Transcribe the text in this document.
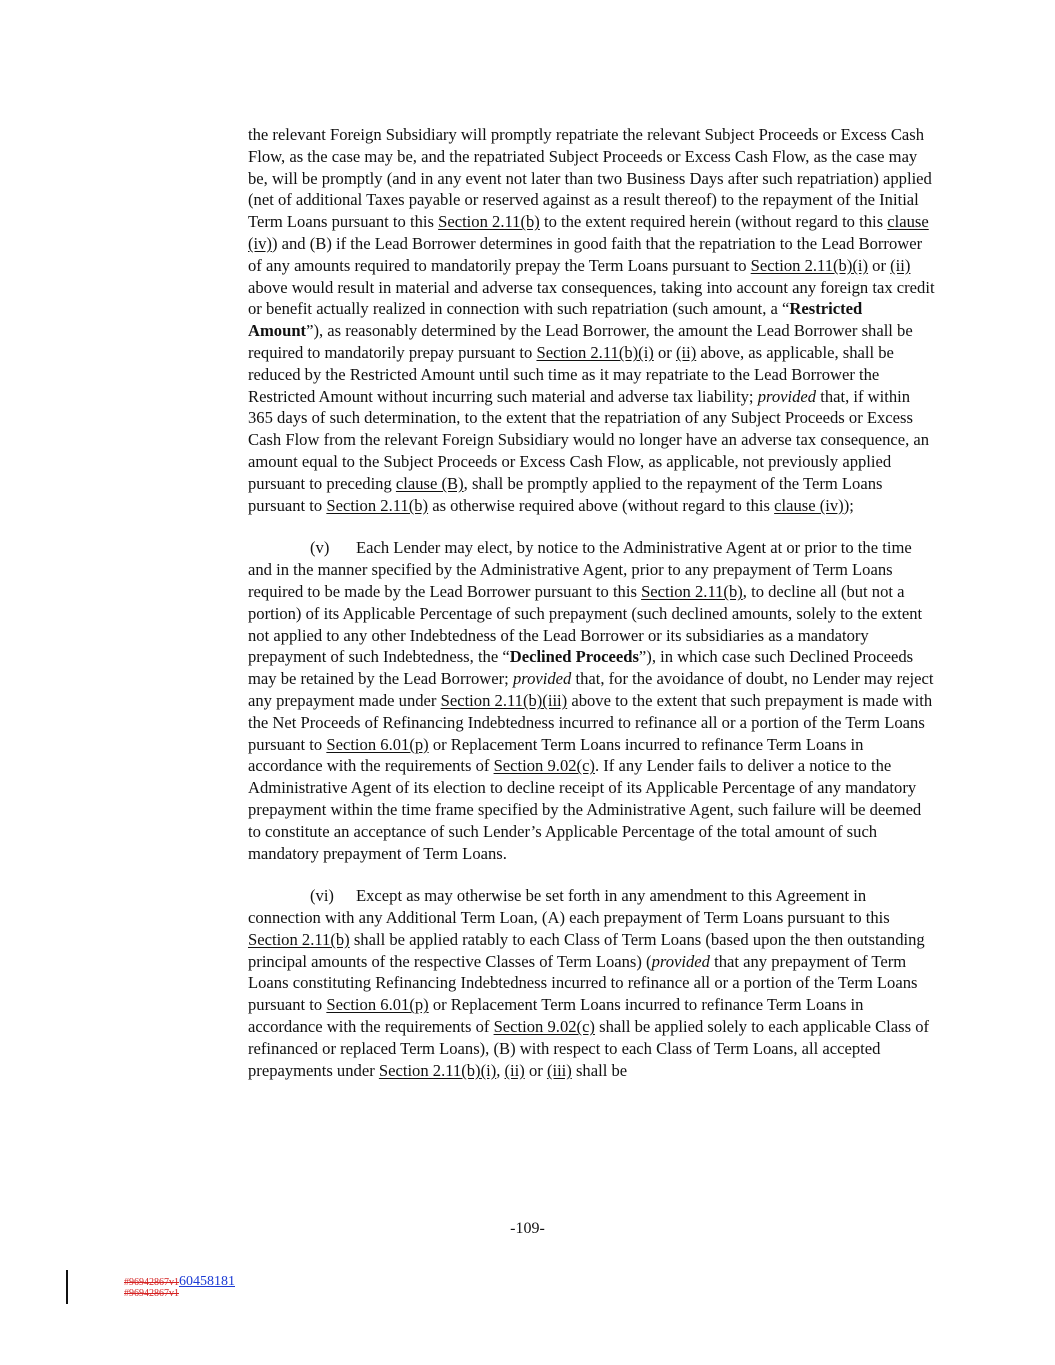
the relevant Foreign Subsidiary will promptly repatriate the relevant Subject Proceeds or Excess Cash Flow, as the case may be, and the repatriated Subject Proceeds or Excess Cash Flow, as the case may be, will be promptly (and in any event not later than two Business Days after such repatriation) applied (net of additional Taxes payable or reserved against as a result thereof) to the repayment of the Initial Term Loans pursuant to this Section 2.11(b) to the extent required herein (without regard to this clause (iv)) and (B) if the Lead Borrower determines in good faith that the repatriation to the Lead Borrower of any amounts required to mandatorily prepay the Term Loans pursuant to Section 2.11(b)(i) or (ii) above would result in material and adverse tax consequences, taking into account any foreign tax credit or benefit actually realized in connection with such repatriation (such amount, a “Restricted Amount”), as reasonably determined by the Lead Borrower, the amount the Lead Borrower shall be required to mandatorily prepay pursuant to Section 2.11(b)(i) or (ii) above, as applicable, shall be reduced by the Restricted Amount until such time as it may repatriate to the Lead Borrower the Restricted Amount without incurring such material and adverse tax liability; provided that, if within 365 days of such determination, to the extent that the repatriation of any Subject Proceeds or Excess Cash Flow from the relevant Foreign Subsidiary would no longer have an adverse tax consequence, an amount equal to the Subject Proceeds or Excess Cash Flow, as applicable, not previously applied pursuant to preceding clause (B), shall be promptly applied to the repayment of the Term Loans pursuant to Section 2.11(b) as otherwise required above (without regard to this clause (iv));

(v) Each Lender may elect, by notice to the Administrative Agent at or prior to the time and in the manner specified by the Administrative Agent, prior to any prepayment of Term Loans required to be made by the Lead Borrower pursuant to this Section 2.11(b), to decline all (but not a portion) of its Applicable Percentage of such prepayment (such declined amounts, solely to the extent not applied to any other Indebtedness of the Lead Borrower or its subsidiaries as a mandatory prepayment of such Indebtedness, the “Declined Proceeds”), in which case such Declined Proceeds may be retained by the Lead Borrower; provided that, for the avoidance of doubt, no Lender may reject any prepayment made under Section 2.11(b)(iii) above to the extent that such prepayment is made with the Net Proceeds of Refinancing Indebtedness incurred to refinance all or a portion of the Term Loans pursuant to Section 6.01(p) or Replacement Term Loans incurred to refinance Term Loans in accordance with the requirements of Section 9.02(c). If any Lender fails to deliver a notice to the Administrative Agent of its election to decline receipt of its Applicable Percentage of any mandatory prepayment within the time frame specified by the Administrative Agent, such failure will be deemed to constitute an acceptance of such Lender’s Applicable Percentage of the total amount of such mandatory prepayment of Term Loans.

(vi) Except as may otherwise be set forth in any amendment to this Agreement in connection with any Additional Term Loan, (A) each prepayment of Term Loans pursuant to this Section 2.11(b) shall be applied ratably to each Class of Term Loans (based upon the then outstanding principal amounts of the respective Classes of Term Loans) (provided that any prepayment of Term Loans constituting Refinancing Indebtedness incurred to refinance all or a portion of the Term Loans pursuant to Section 6.01(p) or Replacement Term Loans incurred to refinance Term Loans in accordance with the requirements of Section 9.02(c) shall be applied solely to each applicable Class of refinanced or replaced Term Loans), (B) with respect to each Class of Term Loans, all accepted prepayments under Section 2.11(b)(i), (ii) or (iii) shall be

-109-
#96942867v160458181
#96942867v1
